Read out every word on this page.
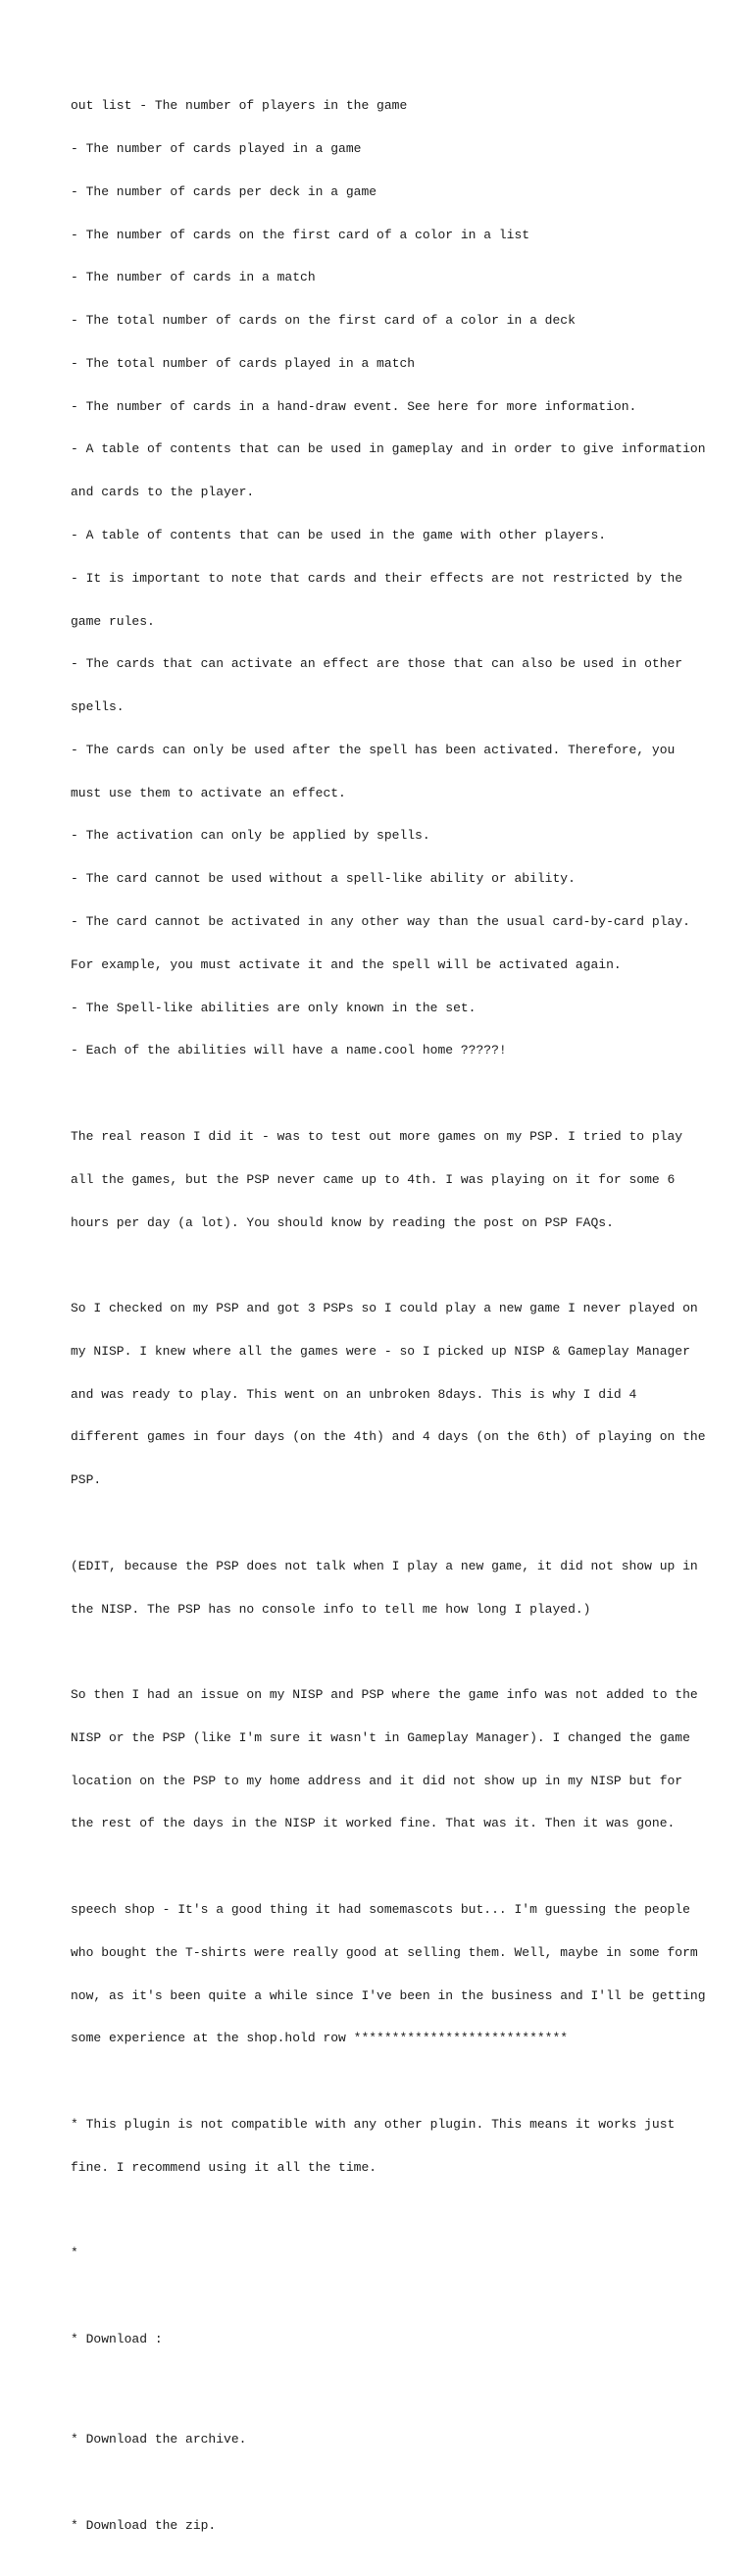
out list - The number of players in the game

- The number of cards played in a game

- The number of cards per deck in a game

- The number of cards on the first card of a color in a list

- The number of cards in a match

- The total number of cards on the first card of a color in a deck

- The total number of cards played in a match

- The number of cards in a hand-draw event. See here for more information.

- A table of contents that can be used in gameplay and in order to give information

and cards to the player.

- A table of contents that can be used in the game with other players.

- It is important to note that cards and their effects are not restricted by the

game rules.

- The cards that can activate an effect are those that can also be used in other

spells.

- The cards can only be used after the spell has been activated. Therefore, you

must use them to activate an effect.

- The activation can only be applied by spells.

- The card cannot be used without a spell-like ability or ability.

- The card cannot be activated in any other way than the usual card-by-card play.

For example, you must activate it and the spell will be activated again.

- The Spell-like abilities are only known in the set.

- Each of the abilities will have a name.cool home ?????!

The real reason I did it - was to test out more games on my PSP. I tried to play

all the games, but the PSP never came up to 4th. I was playing on it for some 6

hours per day (a lot). You should know by reading the post on PSP FAQs.

So I checked on my PSP and got 3 PSPs so I could play a new game I never played on

my NISP. I knew where all the games were - so I picked up NISP & Gameplay Manager

and was ready to play. This went on an unbroken 8days. This is why I did 4

different games in four days (on the 4th) and 4 days (on the 6th) of playing on the

PSP.

(EDIT, because the PSP does not talk when I play a new game, it did not show up in

the NISP. The PSP has no console info to tell me how long I played.)

So then I had an issue on my NISP and PSP where the game info was not added to the

NISP or the PSP (like I'm sure it wasn't in Gameplay Manager). I changed the game

location on the PSP to my home address and it did not show up in my NISP but for

the rest of the days in the NISP it worked fine. That was it. Then it was gone.

speech shop - It's a good thing it had somemascots but... I'm guessing the people

who bought the T-shirts were really good at selling them. Well, maybe in some form

now, as it's been quite a while since I've been in the business and I'll be getting

some experience at the shop.hold row ****************************

* This plugin is not compatible with any other plugin. This means it works just

fine. I recommend using it all the time.

*

* Download :

* Download the archive.

* Download the zip.
